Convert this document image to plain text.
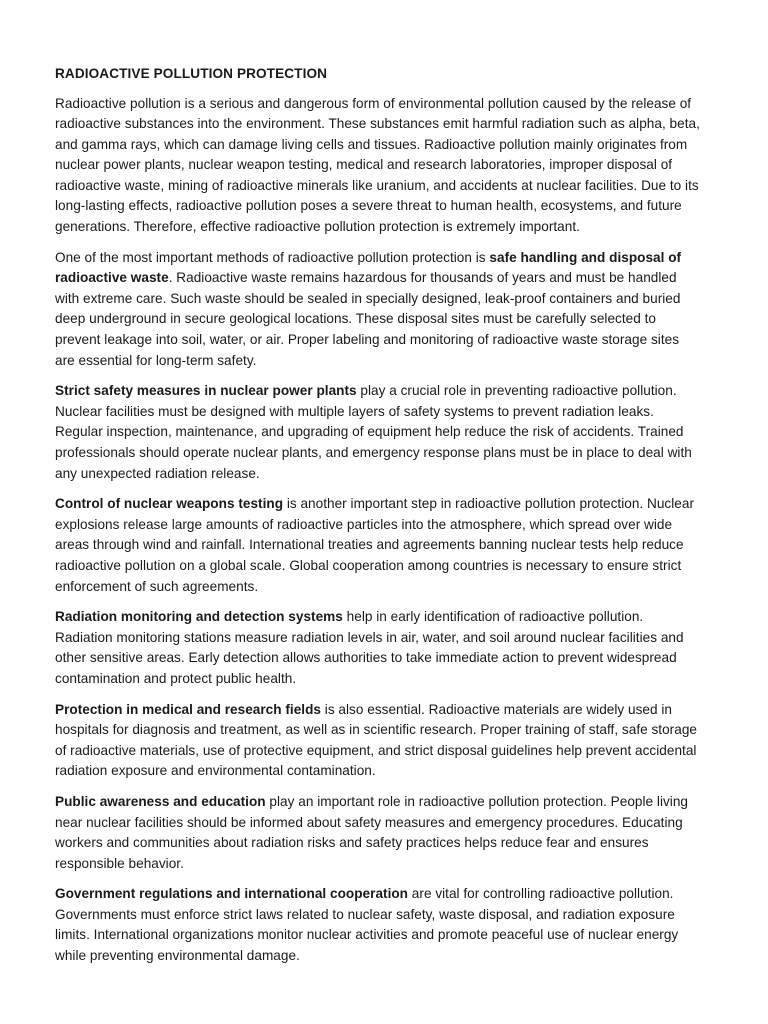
RADIOACTIVE POLLUTION PROTECTION

Radioactive pollution is a serious and dangerous form of environmental pollution caused by the release of radioactive substances into the environment. These substances emit harmful radiation such as alpha, beta, and gamma rays, which can damage living cells and tissues. Radioactive pollution mainly originates from nuclear power plants, nuclear weapon testing, medical and research laboratories, improper disposal of radioactive waste, mining of radioactive minerals like uranium, and accidents at nuclear facilities. Due to its long-lasting effects, radioactive pollution poses a severe threat to human health, ecosystems, and future generations. Therefore, effective radioactive pollution protection is extremely important.

One of the most important methods of radioactive pollution protection is safe handling and disposal of radioactive waste. Radioactive waste remains hazardous for thousands of years and must be handled with extreme care. Such waste should be sealed in specially designed, leak-proof containers and buried deep underground in secure geological locations. These disposal sites must be carefully selected to prevent leakage into soil, water, or air. Proper labeling and monitoring of radioactive waste storage sites are essential for long-term safety.

Strict safety measures in nuclear power plants play a crucial role in preventing radioactive pollution. Nuclear facilities must be designed with multiple layers of safety systems to prevent radiation leaks. Regular inspection, maintenance, and upgrading of equipment help reduce the risk of accidents. Trained professionals should operate nuclear plants, and emergency response plans must be in place to deal with any unexpected radiation release.

Control of nuclear weapons testing is another important step in radioactive pollution protection. Nuclear explosions release large amounts of radioactive particles into the atmosphere, which spread over wide areas through wind and rainfall. International treaties and agreements banning nuclear tests help reduce radioactive pollution on a global scale. Global cooperation among countries is necessary to ensure strict enforcement of such agreements.

Radiation monitoring and detection systems help in early identification of radioactive pollution. Radiation monitoring stations measure radiation levels in air, water, and soil around nuclear facilities and other sensitive areas. Early detection allows authorities to take immediate action to prevent widespread contamination and protect public health.

Protection in medical and research fields is also essential. Radioactive materials are widely used in hospitals for diagnosis and treatment, as well as in scientific research. Proper training of staff, safe storage of radioactive materials, use of protective equipment, and strict disposal guidelines help prevent accidental radiation exposure and environmental contamination.

Public awareness and education play an important role in radioactive pollution protection. People living near nuclear facilities should be informed about safety measures and emergency procedures. Educating workers and communities about radiation risks and safety practices helps reduce fear and ensures responsible behavior.

Government regulations and international cooperation are vital for controlling radioactive pollution. Governments must enforce strict laws related to nuclear safety, waste disposal, and radiation exposure limits. International organizations monitor nuclear activities and promote peaceful use of nuclear energy while preventing environmental damage.
